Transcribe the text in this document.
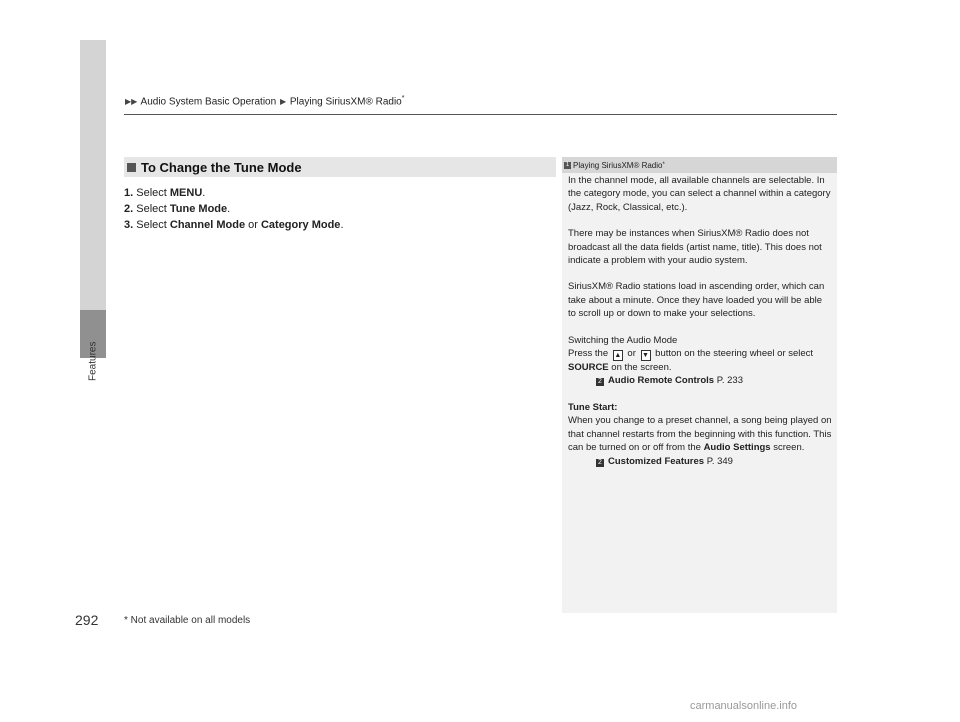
Features
▶▶ Audio System Basic Operation ▶ Playing SiriusXM® Radio*
To Change the Tune Mode
1. Select MENU.
2. Select Tune Mode.
3. Select Channel Mode or Category Mode.
1 Playing SiriusXM® Radio *

In the channel mode, all available channels are selectable. In the category mode, you can select a channel within a category (Jazz, Rock, Classical, etc.).

There may be instances when SiriusXM® Radio does not broadcast all the data fields (artist name, title). This does not indicate a problem with your audio system.

SiriusXM® Radio stations load in ascending order, which can take about a minute. Once they have loaded you will be able to scroll up or down to make your selections.

Switching the Audio Mode
Press the ▲ or ▼ button on the steering wheel or select SOURCE on the screen.
2 Audio Remote Controls P. 233

Tune Start:
When you change to a preset channel, a song being played on that channel restarts from the beginning with this function. This can be turned on or off from the Audio Settings screen.
2 Customized Features P. 349

292	* Not available on all models
carmanualsonline.info
